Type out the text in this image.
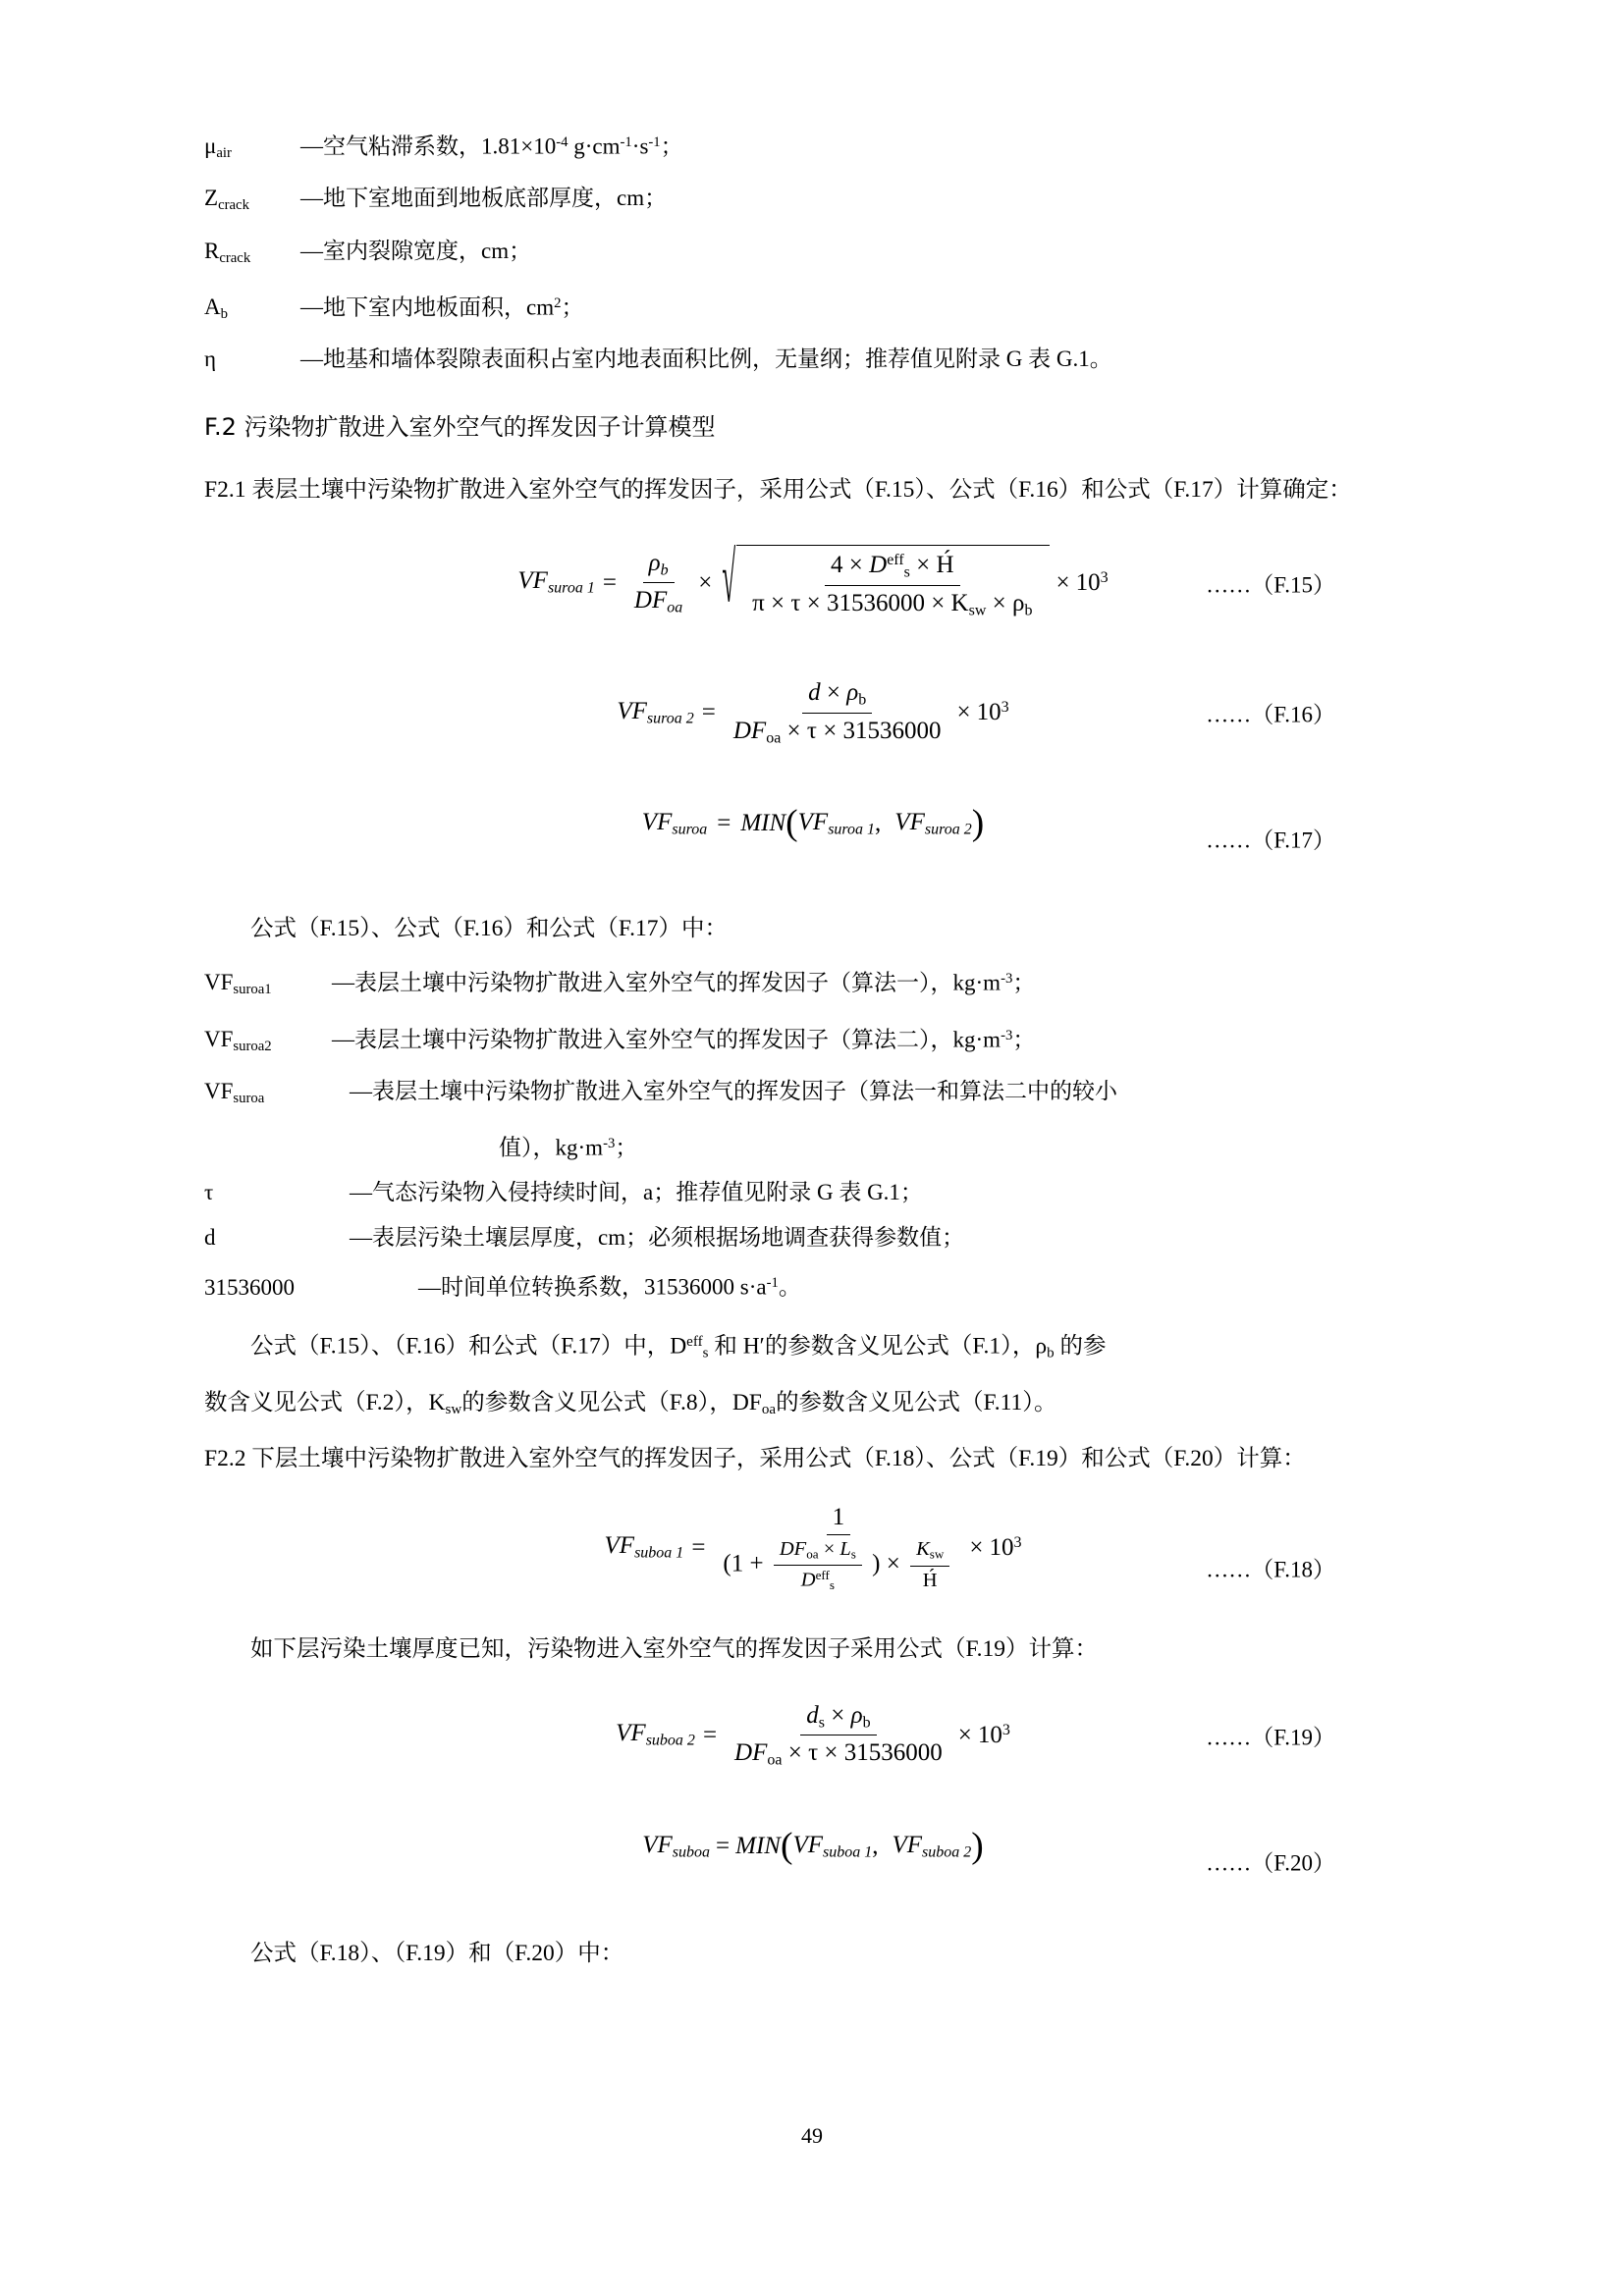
$\mu_{air}$	— 空气粘滞系数，$1.81\times 10^{-4}$ $g\cdot cm^{-1}\cdot s^{-1}$；
$Z_{crack}$	— 地下室地面到地板底部厚度，cm；
$R_{crack}$	— 室内裂隙宽度，cm；
$A_b$	— 地下室内地板面积，$cm^2$；
η	— 地基和墙体裂隙表面积占室内地表面积比例，无量纲；推荐值见附录 G 表 G.1。
F.2 污染物扩散进入室外空气的挥发因子计算模型
F2.1 表层土壤中污染物扩散进入室外空气的挥发因子，采用公式（F.15）、公式（F.16）和公式（F.17）计算确定：
$VF_{suroa 1} = \frac{\rho_b}{DF_{oa}}$ × √ $\frac{4 \times D^{eff}_s \times H́}{\pi \times \tau \times 31536000 \times K_{sw} \times \rho_b} \times 10^3$	……（F.15）
$VF_{suroa 2} = \frac{d \times \rho_b}{DF_{oa} \times \tau \times 31536000} \times 10^3$	……（F.16）
$VF_{suroa}$ = MIN ( $VF_{suroa 1}$ , $VF_{suroa 2}$ )	……（F.17）
公式（F.15）、公式（F.16）和公式（F.17）中：
$VF_{suroa1}$	— 表层土壤中污染物扩散进入室外空气的挥发因子（算法一），$kg\cdot m^{-3}$；
$VF_{suroa2}$	— 表层土壤中污染物扩散进入室外空气的挥发因子（算法二），$kg\cdot m^{-3}$；
$VF_{suroa}$	— 表层土壤中污染物扩散进入室外空气的挥发因子（算法一和算法二中的较小
值），$kg\cdot m^{-3}$；
τ	— 气态污染物入侵持续时间，a；推荐值见附录 G 表 G.1；
d	— 表层污染土壤层厚度，cm；必须根据场地调查获得参数值；
31536000	— 时间单位转换系数，31536000 $s\cdot a^{-1}$。
公式（F.15）、（F.16）和公式（F.17）中，$D^{eff}_s$ 和 H′的参数含义见公式（F.1），$\rho_b$ 的参
数含义见公式（F.2），$K_{sw}$的参数含义见公式（F.8），$DF_{oa}$的参数含义见公式（F.11）。
F2.2 下层土壤中污染物扩散进入室外空气的挥发因子，采用公式（F.18）、公式（F.19）和公式（F.20）计算：
$VF_{suboa 1}$ =
1
($1 + \frac{DF_{oa} \times L_s}{D^{eff}_s}$ ) × $\frac{K_{sw}}{H́} \times 10^3$
……（F.18）
如下层污染土壤厚度已知，污染物进入室外空气的挥发因子采用公式（F.19）计算：
$VF_{suboa 2} = \frac{d_s \times \rho_b}{DF_{oa} \times \tau \times 31536000} \times 10^3$	……（F.19）
$VF_{suboa}$ = MIN ( $VF_{suboa 1}$ , $VF_{suboa 2}$ )	……（F.20）
公式（F.18）、（F.19）和（F.20）中：
49
